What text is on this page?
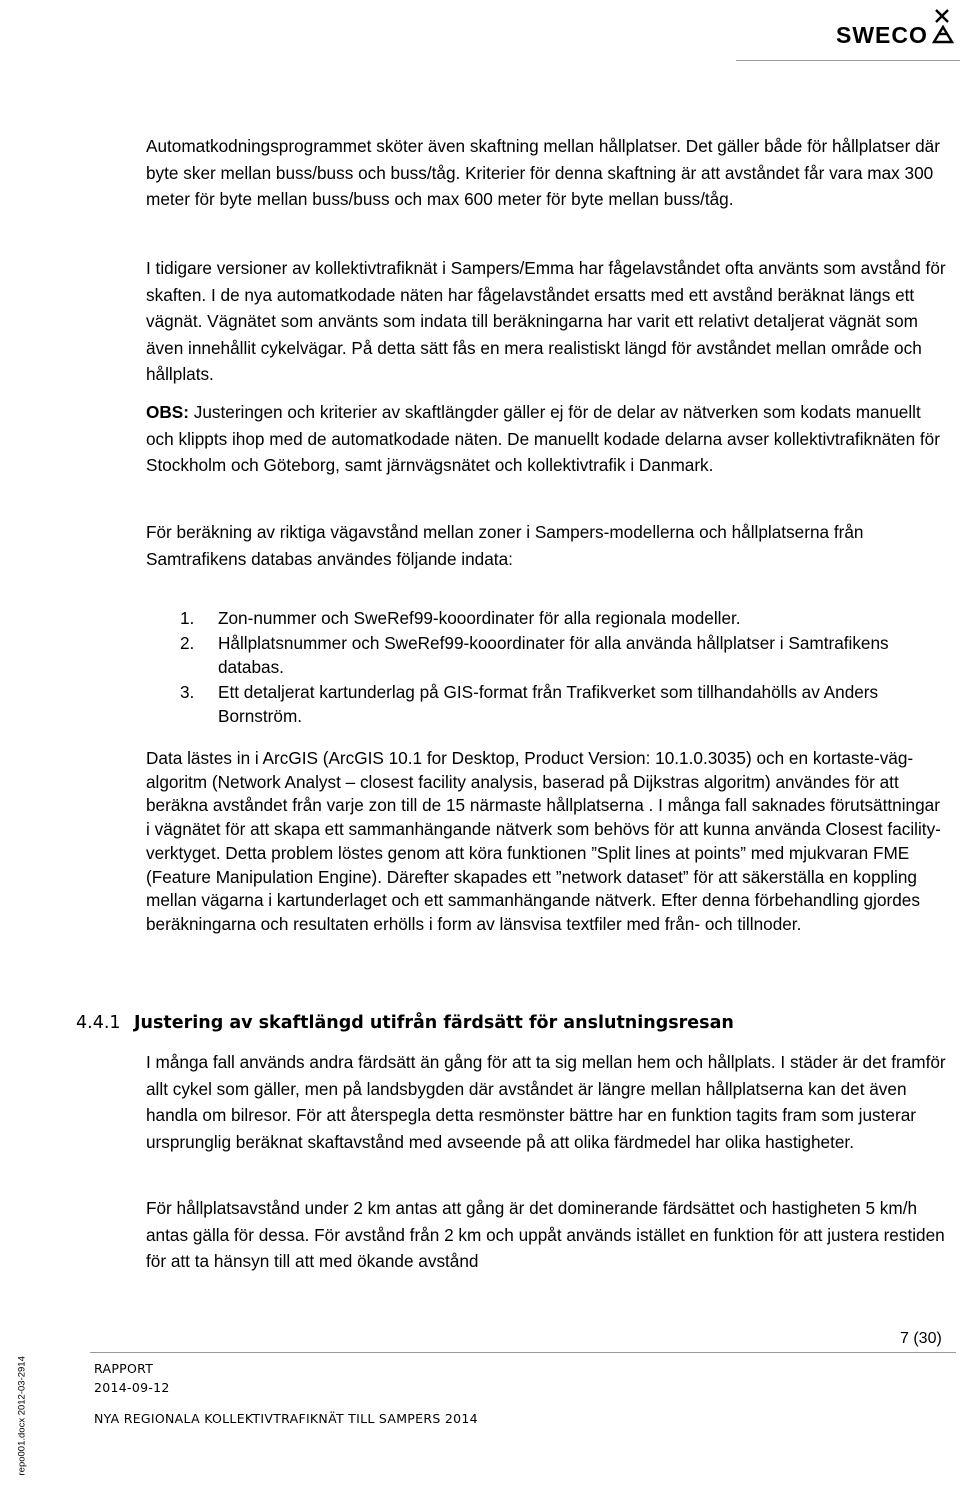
SWECO

Automatkodningsprogrammet sköter även skaftning mellan hållplatser. Det gäller både för hållplatser där byte sker mellan buss/buss och buss/tåg. Kriterier för denna skaftning är att avståndet får vara max 300 meter för byte mellan buss/buss och max 600 meter för byte mellan buss/tåg.

I tidigare versioner av kollektivtrafiknät i Sampers/Emma har fågelavståndet ofta använts som avstånd för skaften. I de nya automatkodade näten har fågelavståndet ersatts med ett avstånd beräknat längs ett vägnät. Vägnätet som använts som indata till beräkningarna har varit ett relativt detaljerat vägnät som även innehållit cykelvägar. På detta sätt fås en mera realistiskt längd för avståndet mellan område och hållplats.

OBS: Justeringen och kriterier av skaftlängder gäller ej för de delar av nätverken som kodats manuellt och klippts ihop med de automatkodade näten. De manuellt kodade delarna avser kollektivtrafiknäten för Stockholm och Göteborg, samt järnvägsnätet och kollektivtrafik i Danmark.

För beräkning av riktiga vägavstånd mellan zoner i Sampers-modellerna och hållplatserna från Samtrafikens databas användes följande indata:

1. Zon-nummer och SweRef99-kooordinater för alla regionala modeller.
2. Hållplatsnummer och SweRef99-kooordinater för alla använda hållplatser i Samtrafikens databas.
3. Ett detaljerat kartunderlag på GIS-format från Trafikverket som tillhandahölls av Anders Bornström.

Data lästes in i ArcGIS (ArcGIS 10.1 for Desktop, Product Version: 10.1.0.3035) och en kortaste-väg-algoritm (Network Analyst – closest facility analysis, baserad på Dijkstras algoritm) användes för att beräkna avståndet från varje zon till de 15 närmaste hållplatserna . I många fall saknades förutsättningar i vägnätet för att skapa ett sammanhängande nätverk som behövs för att kunna använda Closest facility-verktyget. Detta problem löstes genom att köra funktionen ”Split lines at points” med mjukvaran FME (Feature Manipulation Engine). Därefter skapades ett ”network dataset” för att säkerställa en koppling mellan vägarna i kartunderlaget och ett sammanhängande nätverk. Efter denna förbehandling gjordes beräkningarna och resultaten erhölls i form av länsvisa textfiler med från- och tillnoder.

4.4.1 Justering av skaftlängd utifrån färdsätt för anslutningsresan

I många fall används andra färdsätt än gång för att ta sig mellan hem och hållplats. I städer är det framför allt cykel som gäller, men på landsbygden där avståndet är längre mellan hållplatserna kan det även handla om bilresor. För att återspegla detta resmönster bättre har en funktion tagits fram som justerar ursprunglig beräknat skaftavstånd med avseende på att olika färdmedel har olika hastigheter.

För hållplatsavstånd under 2 km antas att gång är det dominerande färdsättet och hastigheten 5 km/h antas gälla för dessa. För avstånd från 2 km och uppåt används istället en funktion för att justera restiden för att ta hänsyn till att med ökande avstånd

7 (30)
RAPPORT
2014-09-12
NYA REGIONALA KOLLEKTIVTRAFIKNÄT TILL SAMPERS 2014
repo001.docx 2012-03-2914
